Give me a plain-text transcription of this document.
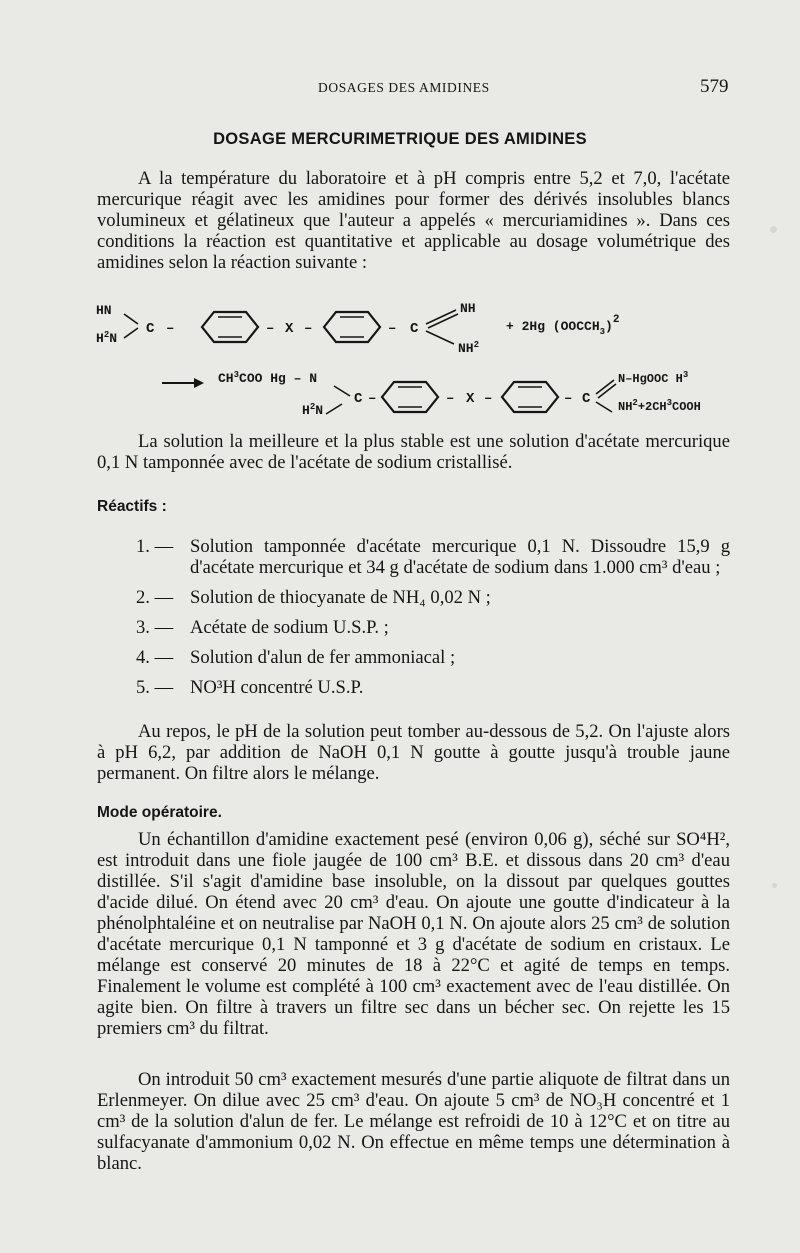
DOSAGES DES AMIDINES	579
DOSAGE MERCURIMETRIQUE DES AMIDINES

A la température du laboratoire et à pH compris entre 5,2 et 7,0, l'acétate mercurique réagit avec les amidines pour former des dérivés insolubles blancs volumineux et gélatineux que l'auteur a appelés « mercuriamidines ». Dans ces conditions la réaction est quantitative et applicable au dosage volumétrique des amidines selon la réaction suivante :

HN
$H^2N$
C –	– X –	– C
NH
$NH^2$
+ 2Hg $(OOCCH_3)^2$
$CH^3COO$ Hg – N
$H^2N$
C –	– X –	– C
N–HgOOC $H^3$
$NH^2+2CH^3COOH$

La solution la meilleure et la plus stable est une solution d'acétate mercurique 0,1 N tamponnée avec de l'acétate de sodium cristallisé.

Réactifs :
1. — Solution tamponnée d'acétate mercurique 0,1 N. Dissoudre 15,9 g d'acétate mercurique et 34 g d'acétate de sodium dans 1.000 cm³ d'eau ;
2. — Solution de thiocyanate de NH₄ 0,02 N ;
3. — Acétate de sodium U.S.P. ;
4. — Solution d'alun de fer ammoniacal ;
5. — NO³H concentré U.S.P.

Au repos, le pH de la solution peut tomber au-dessous de 5,2. On l'ajuste alors à pH 6,2, par addition de NaOH 0,1 N goutte à goutte jusqu'à trouble jaune permanent. On filtre alors le mélange.

Mode opératoire.

Un échantillon d'amidine exactement pesé (environ 0,06 g), séché sur SO⁴H², est introduit dans une fiole jaugée de 100 cm³ B.E. et dissous dans 20 cm³ d'eau distillée. S'il s'agit d'amidine base insoluble, on la dissout par quelques gouttes d'acide dilué. On étend avec 20 cm³ d'eau. On ajoute une goutte d'indicateur à la phénolphtaléine et on neutralise par NaOH 0,1 N. On ajoute alors 25 cm³ de solution d'acétate mercurique 0,1 N tamponné et 3 g d'acétate de sodium en cristaux. Le mélange est conservé 20 minutes de 18 à 22°C et agité de temps en temps. Finalement le volume est complété à 100 cm³ exactement avec de l'eau distillée. On agite bien. On filtre à travers un filtre sec dans un bécher sec. On rejette les 15 premiers cm³ du filtrat.

On introduit 50 cm³ exactement mesurés d'une partie aliquote de filtrat dans un Erlenmeyer. On dilue avec 25 cm³ d'eau. On ajoute 5 cm³ de NO₃H concentré et 1 cm³ de la solution d'alun de fer. Le mélange est refroidi de 10 à 12°C et on titre au sulfacyanate d'ammonium 0,02 N. On effectue en même temps une détermination à blanc.
